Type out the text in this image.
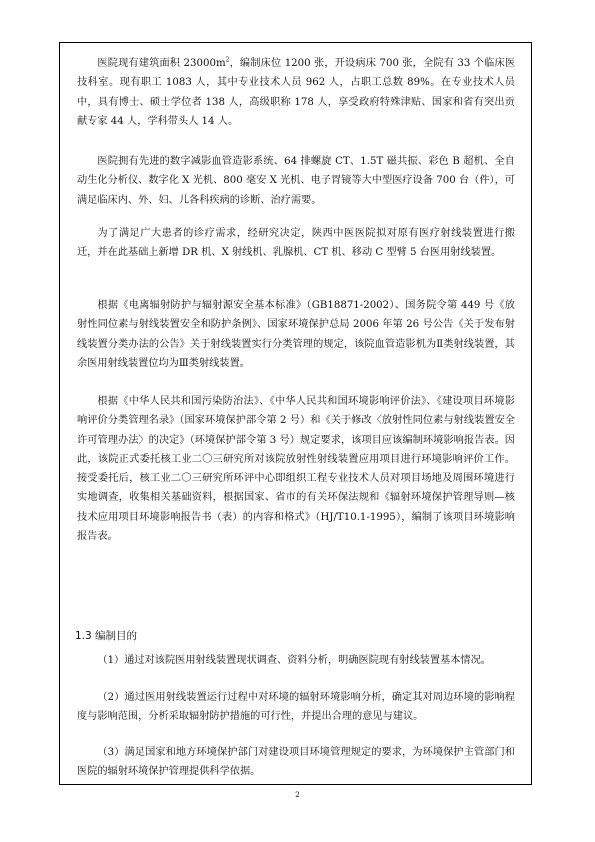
医院现有建筑面积 $23000m^2$，编制床位 1200 张，开设病床 700 张，全院有 33 个临床医技科室。现有职工 1083 人，其中专业技术人员 962 人，占职工总数 89%。在专业技术人员中，具有博士、硕士学位者 138 人，高级职称 178 人，享受政府特殊津贴、国家和省有突出贡献专家 44 人，学科带头人 14 人。
医院拥有先进的数字减影血管造影系统、64 排螺旋 CT、1.5T 磁共振、彩色 B 超机、全自动生化分析仪、数字化 X 光机、800 毫安 X 光机、电子胃镜等大中型医疗设备 700 台（件），可满足临床内、外、妇、儿各科疾病的诊断、治疗需要。
为了满足广大患者的诊疗需求，经研究决定，陕西中医医院拟对原有医疗射线装置进行搬迁，并在此基础上新增 DR 机、X 射线机、乳腺机、CT 机、移动 C 型臂 5 台医用射线装置。
根据《电离辐射防护与辐射源安全基本标准》（GB18871-2002）、国务院令第 449 号《放射性同位素与射线装置安全和防护条例》、国家环境保护总局 2006 年第 26 号公告《关于发布射线装置分类办法的公告》关于射线装置实行分类管理的规定，该院血管造影机为Ⅱ类射线装置，其余医用射线装置位均为Ⅲ类射线装置。
根据《中华人民共和国污染防治法》、《中华人民共和国环境影响评价法》、《建设项目环境影响评价分类管理名录》（国家环境保护部令第 2 号）和《关于修改〈放射性同位素与射线装置安全许可管理办法〉的决定》（环境保护部令第 3 号）规定要求，该项目应该编制环境影响报告表。因此，该院正式委托核工业二〇三研究所对该院放射性射线装置应用项目进行环境影响评价工作。接受委托后，核工业二〇三研究所环评中心即组织工程专业技术人员对项目场地及周围环境进行实地调查，收集相关基础资料，根据国家、省市的有关环保法规和《辐射环境保护管理导则—核技术应用项目环境影响报告书（表）的内容和格式》（HJ/T10.1-1995），编制了该项目环境影响报告表。
1.3 编制目的
（1）通过对该院医用射线装置现状调查、资料分析，明确医院现有射线装置基本情况。
（2）通过医用射线装置运行过程中对环境的辐射环境影响分析，确定其对周边环境的影响程度与影响范围，分析采取辐射防护措施的可行性，并提出合理的意见与建议。
（3）满足国家和地方环境保护部门对建设项目环境管理规定的要求，为环境保护主管部门和医院的辐射环境保护管理提供科学依据。
2
